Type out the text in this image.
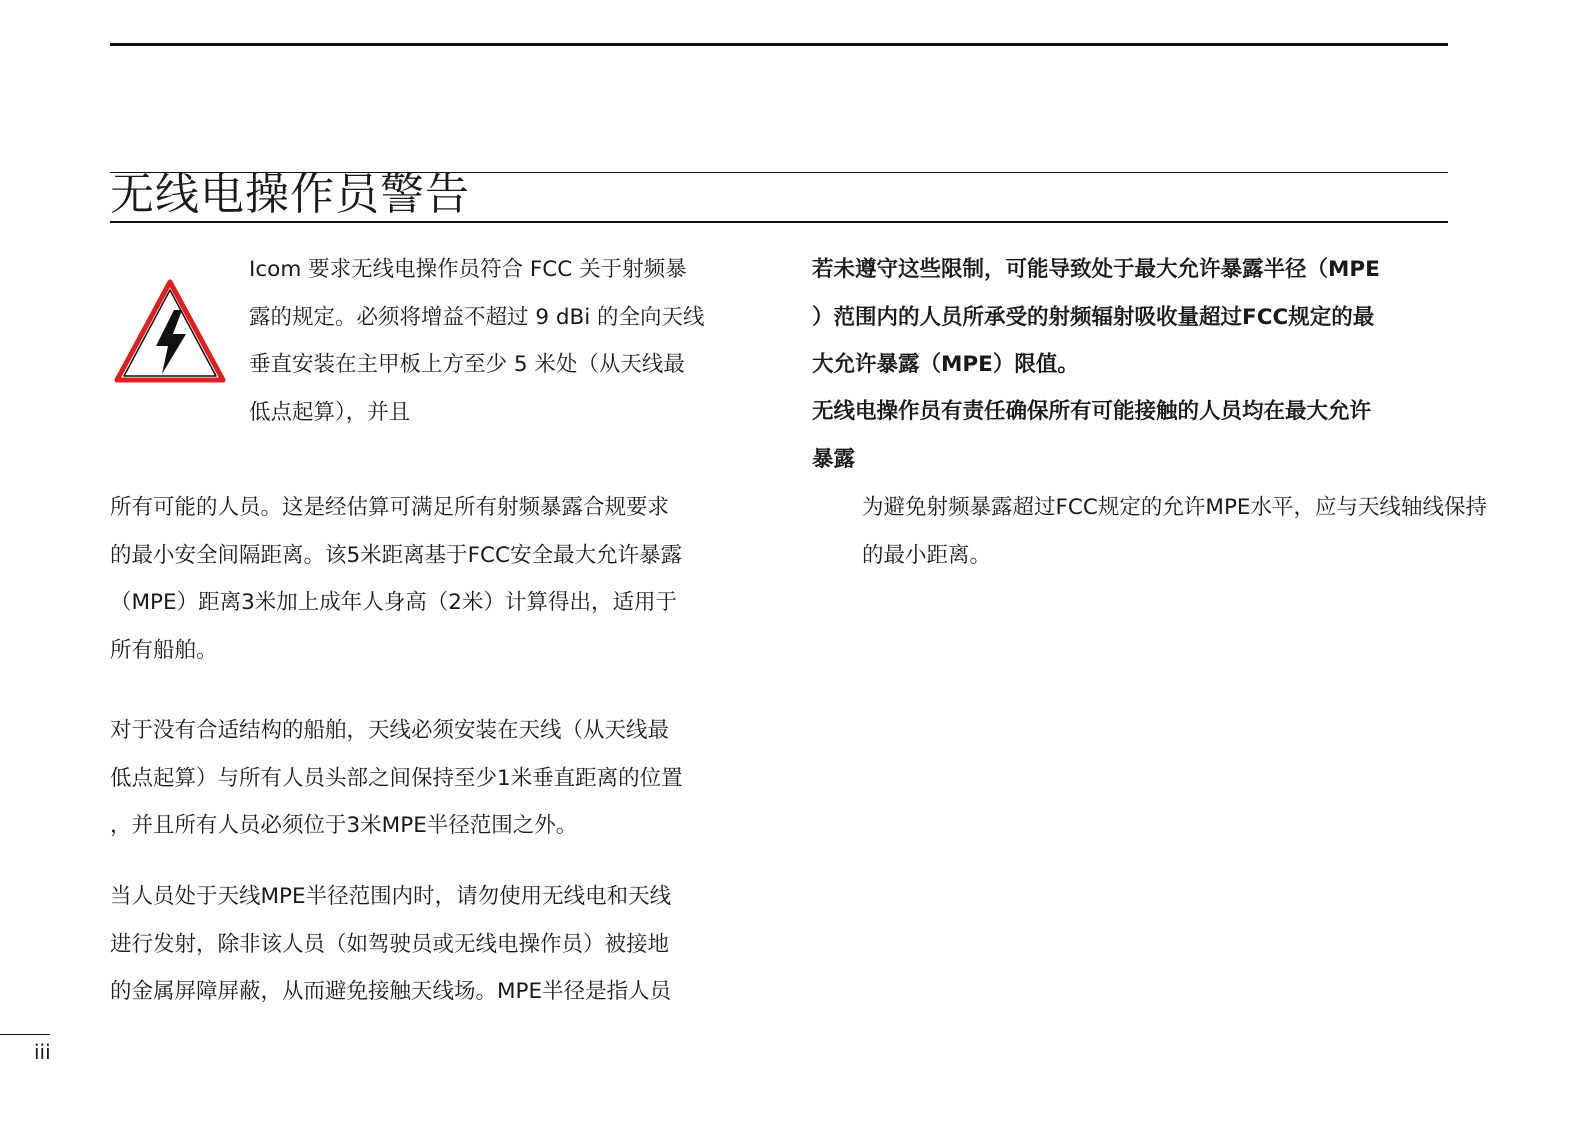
无线电操作员警告

Icom 要求无线电操作员符合 FCC 关于射频暴
露的规定。必须将增益不超过 9 dBi 的全向天线
垂直安装在主甲板上方至少 5 米处（从天线最
低点起算），并且

所有可能的人员。这是经估算可满足所有射频暴露合规要求
的最小安全间隔距离。该5米距离基于FCC安全最大允许暴露
（MPE）距离3米加上成年人身高（2米）计算得出，适用于
所有船舶。

对于没有合适结构的船舶，天线必须安装在天线（从天线最
低点起算）与所有人员头部之间保持至少1米垂直距离的位置
，并且所有人员必须位于3米MPE半径范围之外。

当人员处于天线MPE半径范围内时，请勿使用无线电和天线
进行发射，除非该人员（如驾驶员或无线电操作员）被接地
的金属屏障屏蔽，从而避免接触天线场。MPE半径是指人员

若未遵守这些限制，可能导致处于最大允许暴露半径（MPE
）范围内的人员所承受的射频辐射吸收量超过FCC规定的最
大允许暴露（MPE）限值。

无线电操作员有责任确保所有可能接触的人员均在最大允许
暴露

为避免射频暴露超过FCC规定的允许MPE水平，应与天线轴线保持
的最小距离。

iii
